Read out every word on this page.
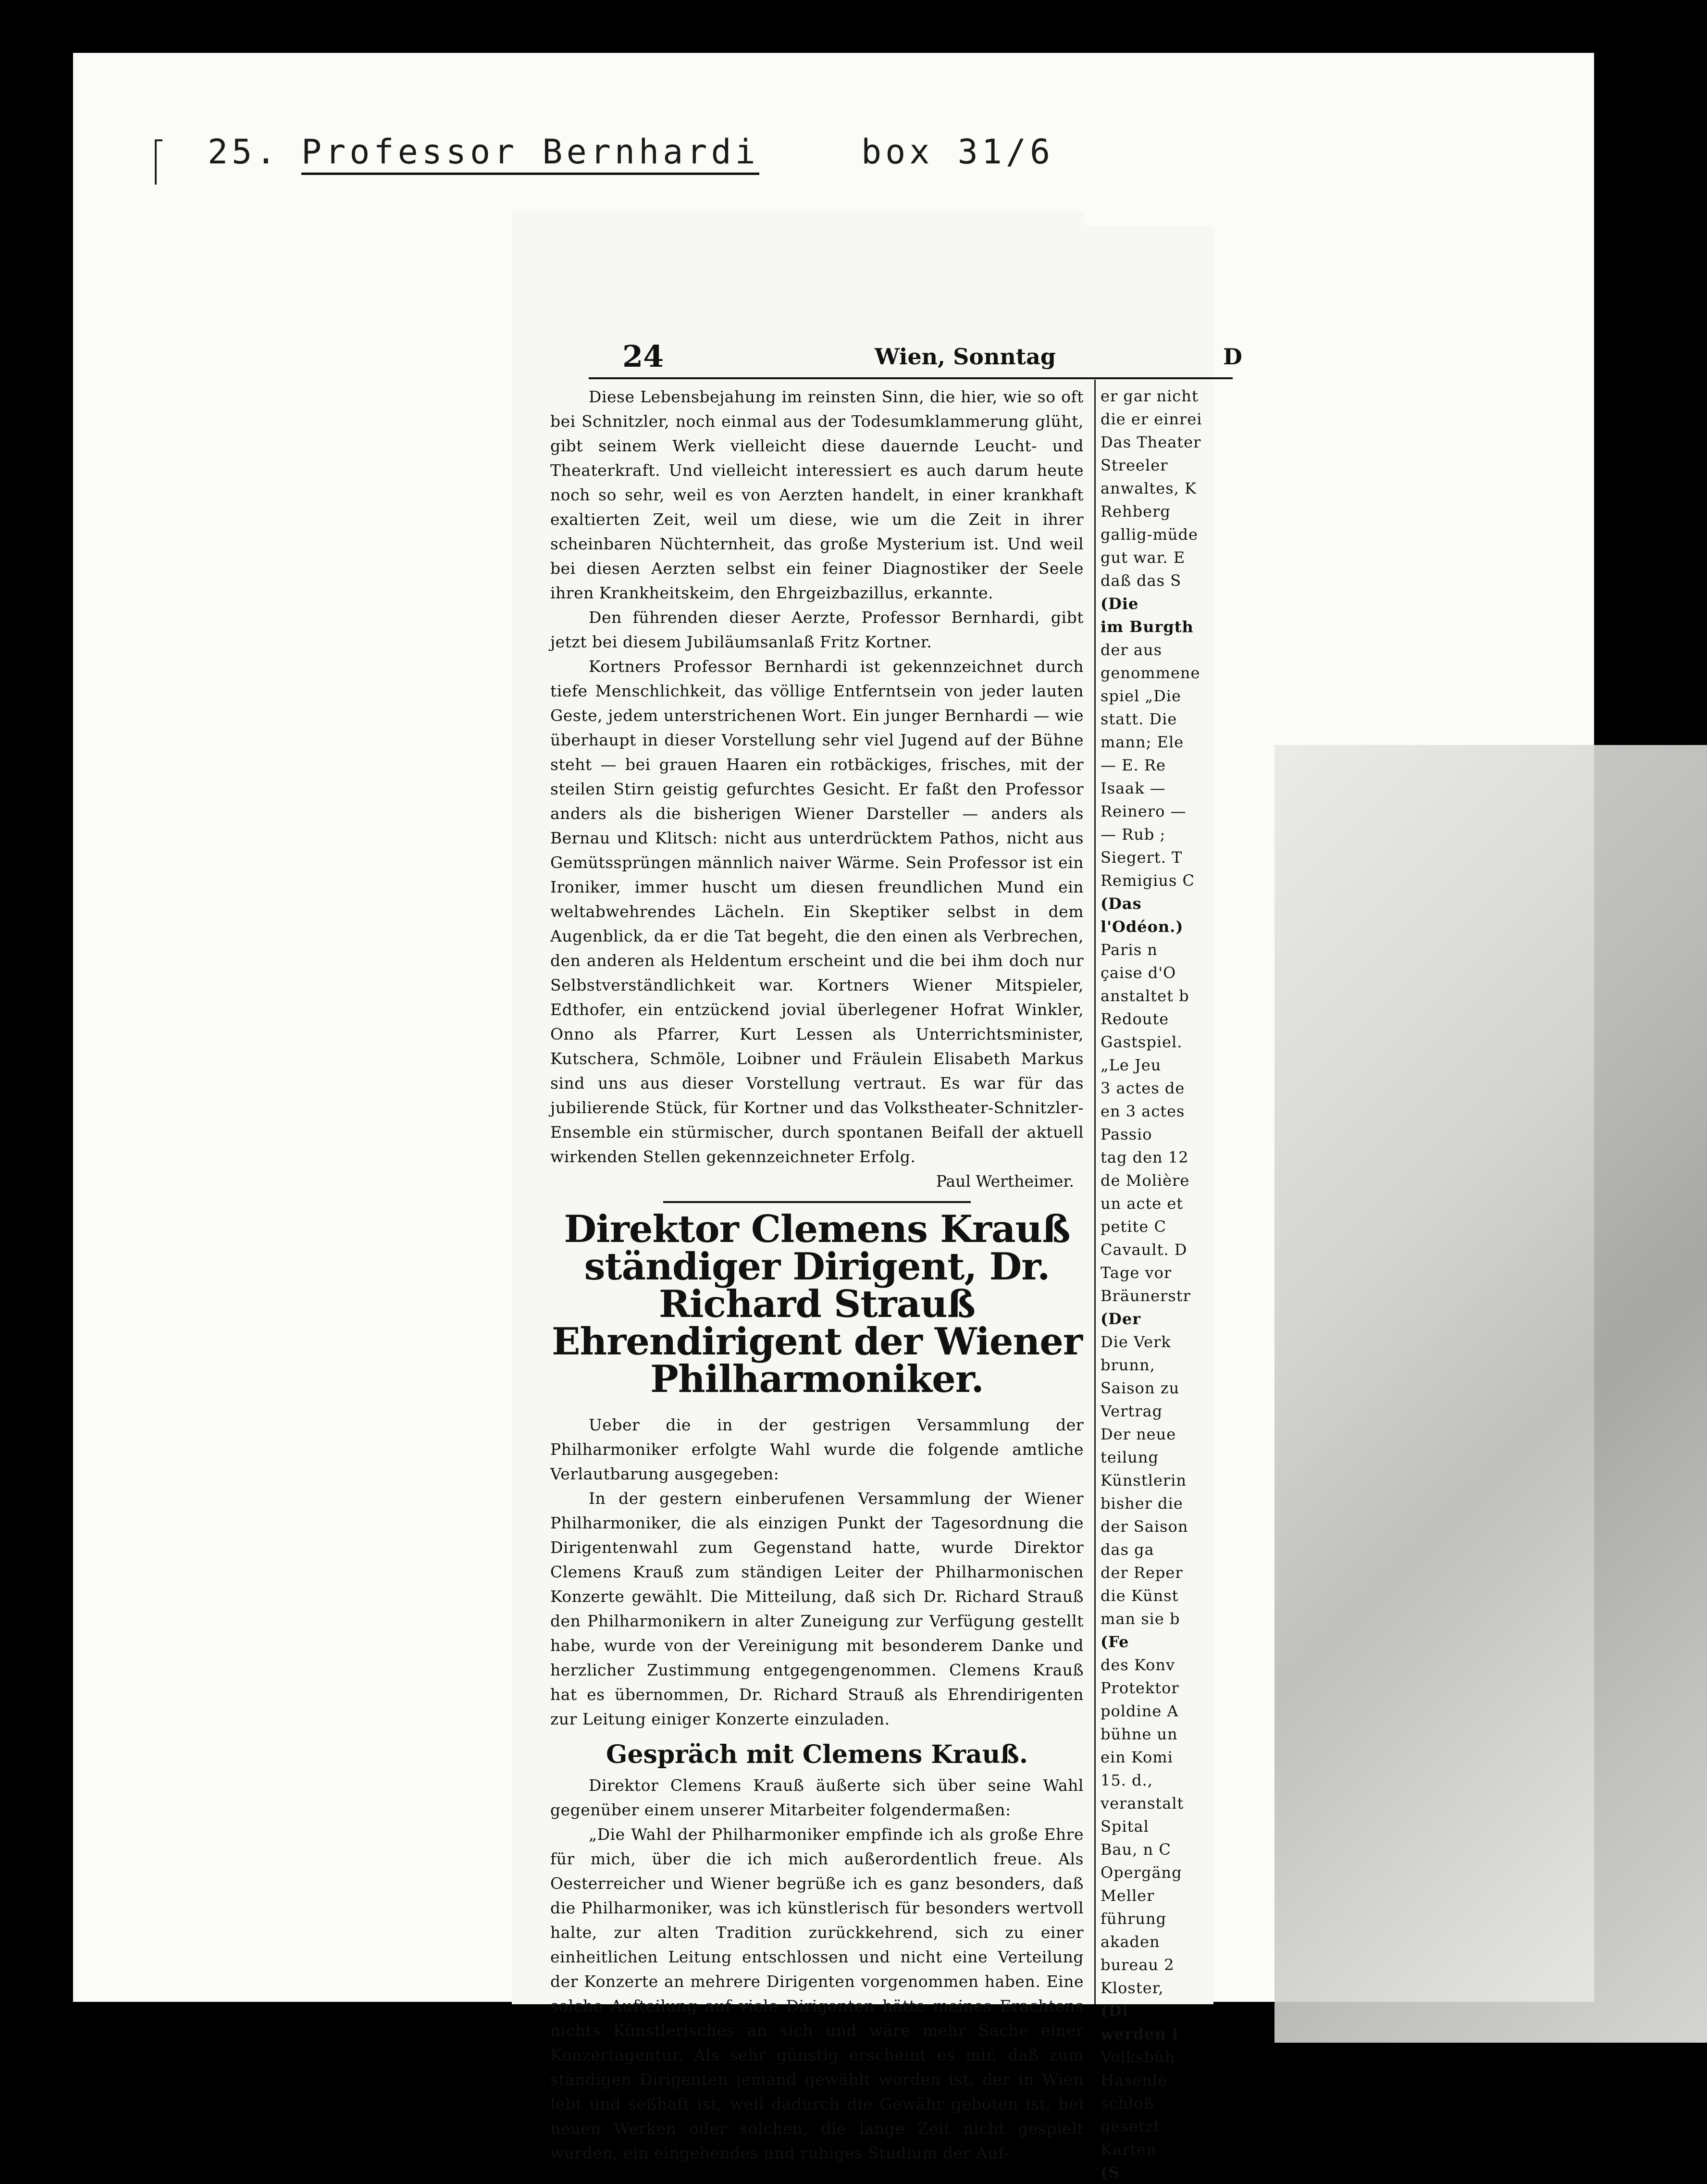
25. Professor Bernhardi	box 31/6
24	Wien, Sonntag	D

Diese Lebensbejahung im reinsten Sinn, die hier, wie so oft bei Schnitzler, noch einmal aus der Todesumklammerung glüht, gibt seinem Werk vielleicht diese dauernde Leucht- und Theaterkraft. Und vielleicht interessiert es auch darum heute noch so sehr, weil es von Aerzten handelt, in einer krankhaft exaltierten Zeit, weil um diese, wie um die Zeit in ihrer scheinbaren Nüchternheit, das große Mysterium ist. Und weil bei diesen Aerzten selbst ein feiner Diagnostiker der Seele ihren Krankheitskeim, den Ehrgeizbazillus, erkannte.

Den führenden dieser Aerzte, Professor Bernhardi, gibt jetzt bei diesem Jubiläumsanlaß Fritz Kortner.

Kortners Professor Bernhardi ist gekennzeichnet durch tiefe Menschlichkeit, das völlige Entferntsein von jeder lauten Geste, jedem unterstrichenen Wort. Ein junger Bernhardi — wie überhaupt in dieser Vorstellung sehr viel Jugend auf der Bühne steht — bei grauen Haaren ein rotbäckiges, frisches, mit der steilen Stirn geistig gefurchtes Gesicht. Er faßt den Professor anders als die bisherigen Wiener Darsteller — anders als Bernau und Klitsch: nicht aus unterdrücktem Pathos, nicht aus Gemütssprüngen männlich naiver Wärme. Sein Professor ist ein Ironiker, immer huscht um diesen freundlichen Mund ein weltabwehrendes Lächeln. Ein Skeptiker selbst in dem Augenblick, da er die Tat begeht, die den einen als Verbrechen, den anderen als Heldentum erscheint und die bei ihm doch nur Selbstverständlichkeit war. Kortners Wiener Mitspieler, Edthofer, ein entzückend jovial überlegener Hofrat Winkler, Onno als Pfarrer, Kurt Lessen als Unterrichtsminister, Kutschera, Schmöle, Loibner und Fräulein Elisabeth Markus sind uns aus dieser Vorstellung vertraut. Es war für das jubilierende Stück, für Kortner und das Volkstheater-Schnitzler-Ensemble ein stürmischer, durch spontanen Beifall der aktuell wirkenden Stellen gekennzeichneter Erfolg.

Paul Wertheimer.

Direktor Clemens Krauß ständiger Dirigent, Dr. Richard Strauß Ehrendirigent der Wiener Philharmoniker.

Ueber die in der gestrigen Versammlung der Philharmoniker erfolgte Wahl wurde die folgende amtliche Verlautbarung ausgegeben:

In der gestern einberufenen Versammlung der Wiener Philharmoniker, die als einzigen Punkt der Tagesordnung die Dirigentenwahl zum Gegenstand hatte, wurde Direktor Clemens Krauß zum ständigen Leiter der Philharmonischen Konzerte gewählt. Die Mitteilung, daß sich Dr. Richard Strauß den Philharmonikern in alter Zuneigung zur Verfügung gestellt habe, wurde von der Vereinigung mit besonderem Danke und herzlicher Zustimmung entgegengenommen. Clemens Krauß hat es übernommen, Dr. Richard Strauß als Ehrendirigenten zur Leitung einiger Konzerte einzuladen.

Gespräch mit Clemens Krauß.

Direktor Clemens Krauß äußerte sich über seine Wahl gegenüber einem unserer Mitarbeiter folgendermaßen:

„Die Wahl der Philharmoniker empfinde ich als große Ehre für mich, über die ich mich außerordentlich freue. Als Oesterreicher und Wiener begrüße ich es ganz besonders, daß die Philharmoniker, was ich künstlerisch für besonders wertvoll halte, zur alten Tradition zurückkehrend, sich zu einer einheitlichen Leitung entschlossen und nicht eine Verteilung der Konzerte an mehrere Dirigenten vorgenommen haben. Eine solche Aufteilung auf viele Dirigenten hätte meines Erachtens nichts Künstlerisches an sich und wäre mehr Sache einer Konzertagentur. Als sehr günstig erscheint es mir, daß zum ständigen Dirigenten jemand gewählt worden ist, der in Wien lebt und seßhaft ist, weil dadurch die Gewähr geboten ist, bei neuen Werken oder solchen, die lange Zeit nicht gespielt wurden, ein eingehendes und ruhiges Studium der Auf-

er gar nicht

die er einrei

Das Theater

Streeler

anwaltes, K

Rehberg

gallig-müde

gut war. E

daß das S

(Die

im Burgth

der aus

genommene

spiel „Die

statt. Die

mann; Ele

— E. Re

Isaak —

Reinero —

— Rub ;

Siegert. T

Remigius C

(Das

l'Odéon.)

Paris n

çaise d'O

anstaltet b

Redoute

Gastspiel.

„Le Jeu

3 actes de

en 3 actes

Passio

tag den 12

de Molière

un acte et

petite C

Cavault. D

Tage vor

Bräunerstr

(Der

Die Verk

brunn,

Saison zu

Vertrag

Der neue

teilung

Künstlerin

bisher die

der Saison

das ga

der Reper

die Künst

man sie b

(Fe

des Konv

Protektor

poldine A

bühne un

ein Komi

15. d.,

veranstalt

Spital

Bau, n C

Opergäng

Meller

führung

akaden

bureau 2

Kloster,

(Di

werden i

Volksbüh

Hasenle

schloß

gesetzt

Karten

(S
